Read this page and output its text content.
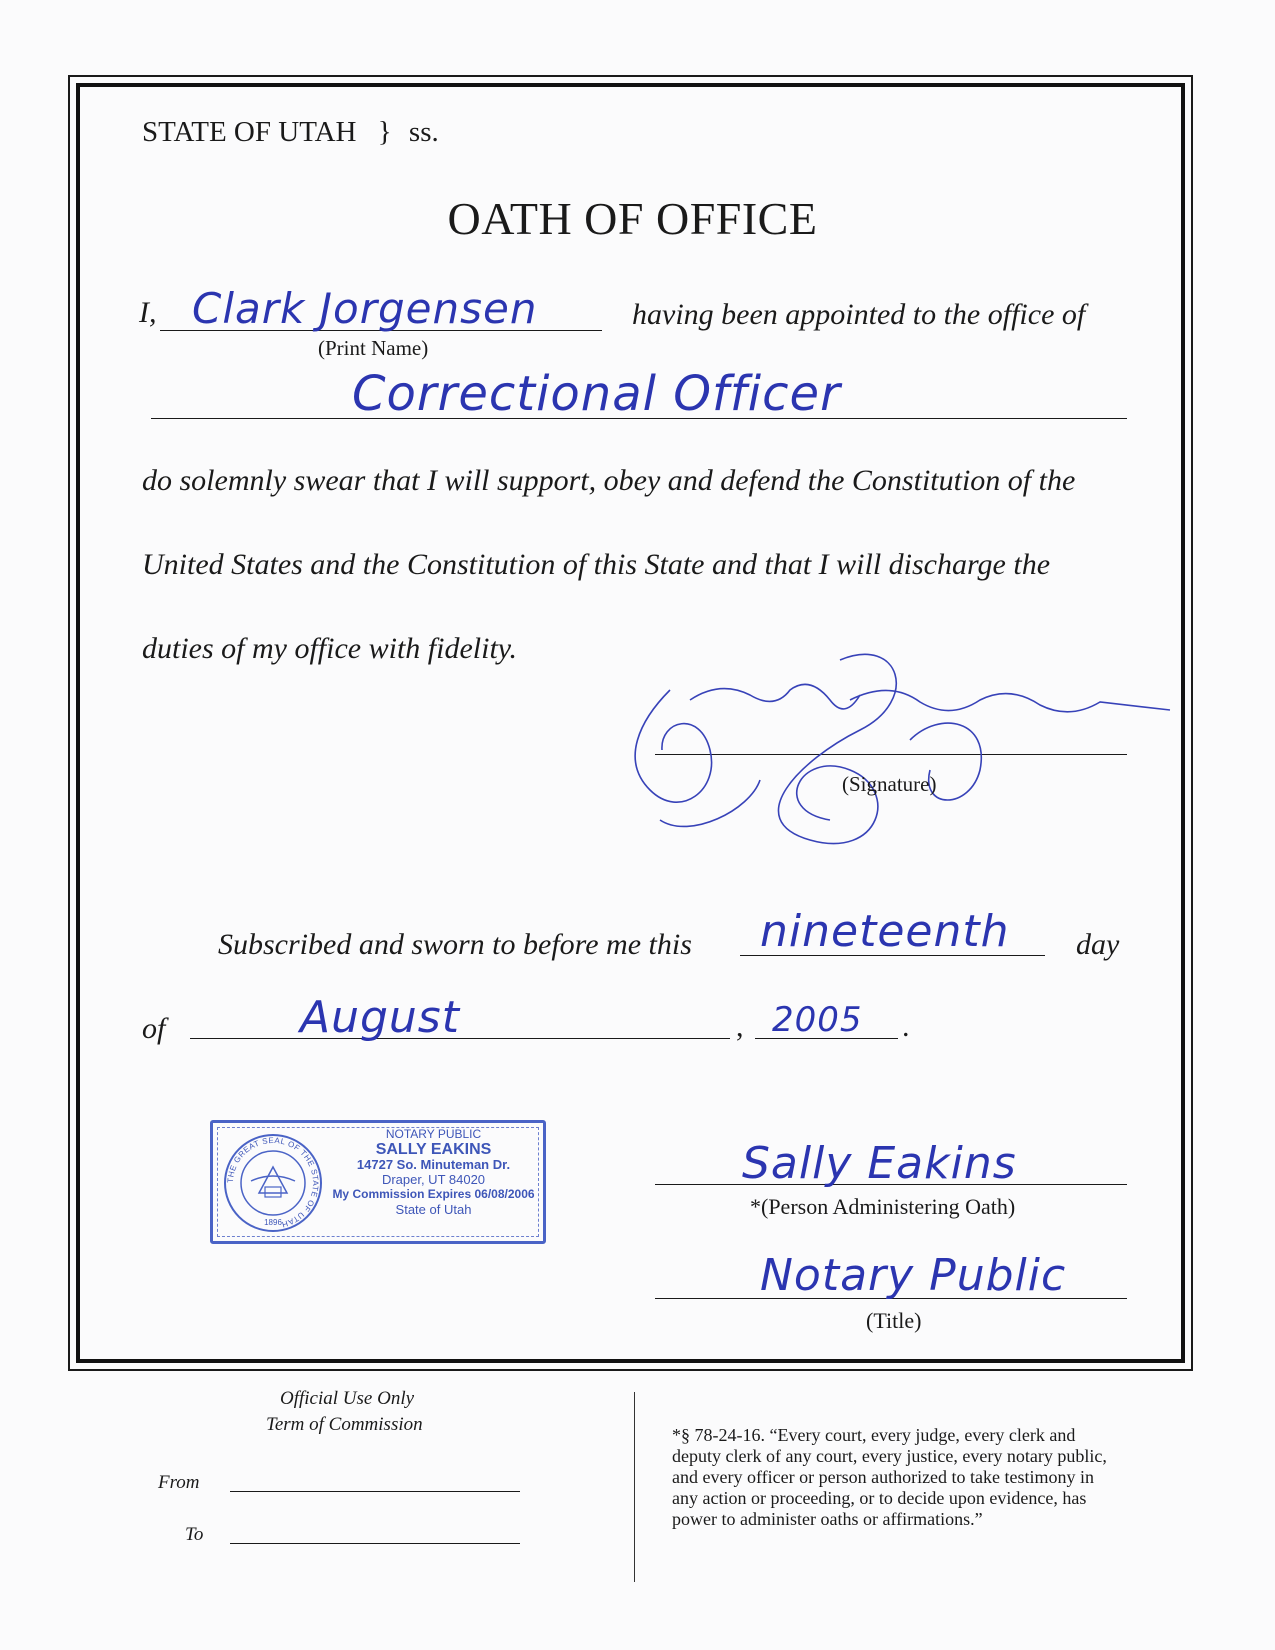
STATE OF UTAH } ss.
OATH OF OFFICE
I, Clark Jorgensen
(Print Name)
having been appointed to the office of
Correctional Officer
do solemnly swear that I will support, obey and defend the Constitution of the
United States and the Constitution of this State and that I will discharge the
duties of my office with fidelity.
(Signature)
Subscribed and sworn to before me this nineteenth day
of	August	, 2005 .
THE GREAT SEAL OF THE STATE OF UTAH
1896
NOTARY PUBLIC
SALLY EAKINS
14727 So. Minuteman Dr.
Draper, UT 84020
My Commission Expires 06/08/2006
State of Utah
Sally Eakins
*(Person Administering Oath)
Notary Public
(Title)
Official Use Only
Term of Commission
From
To
*§ 78-24-16. “Every court, every judge, every clerk and
deputy clerk of any court, every justice, every notary public,
and every officer or person authorized to take testimony in
any action or proceeding, or to decide upon evidence, has
power to administer oaths or affirmations.”
